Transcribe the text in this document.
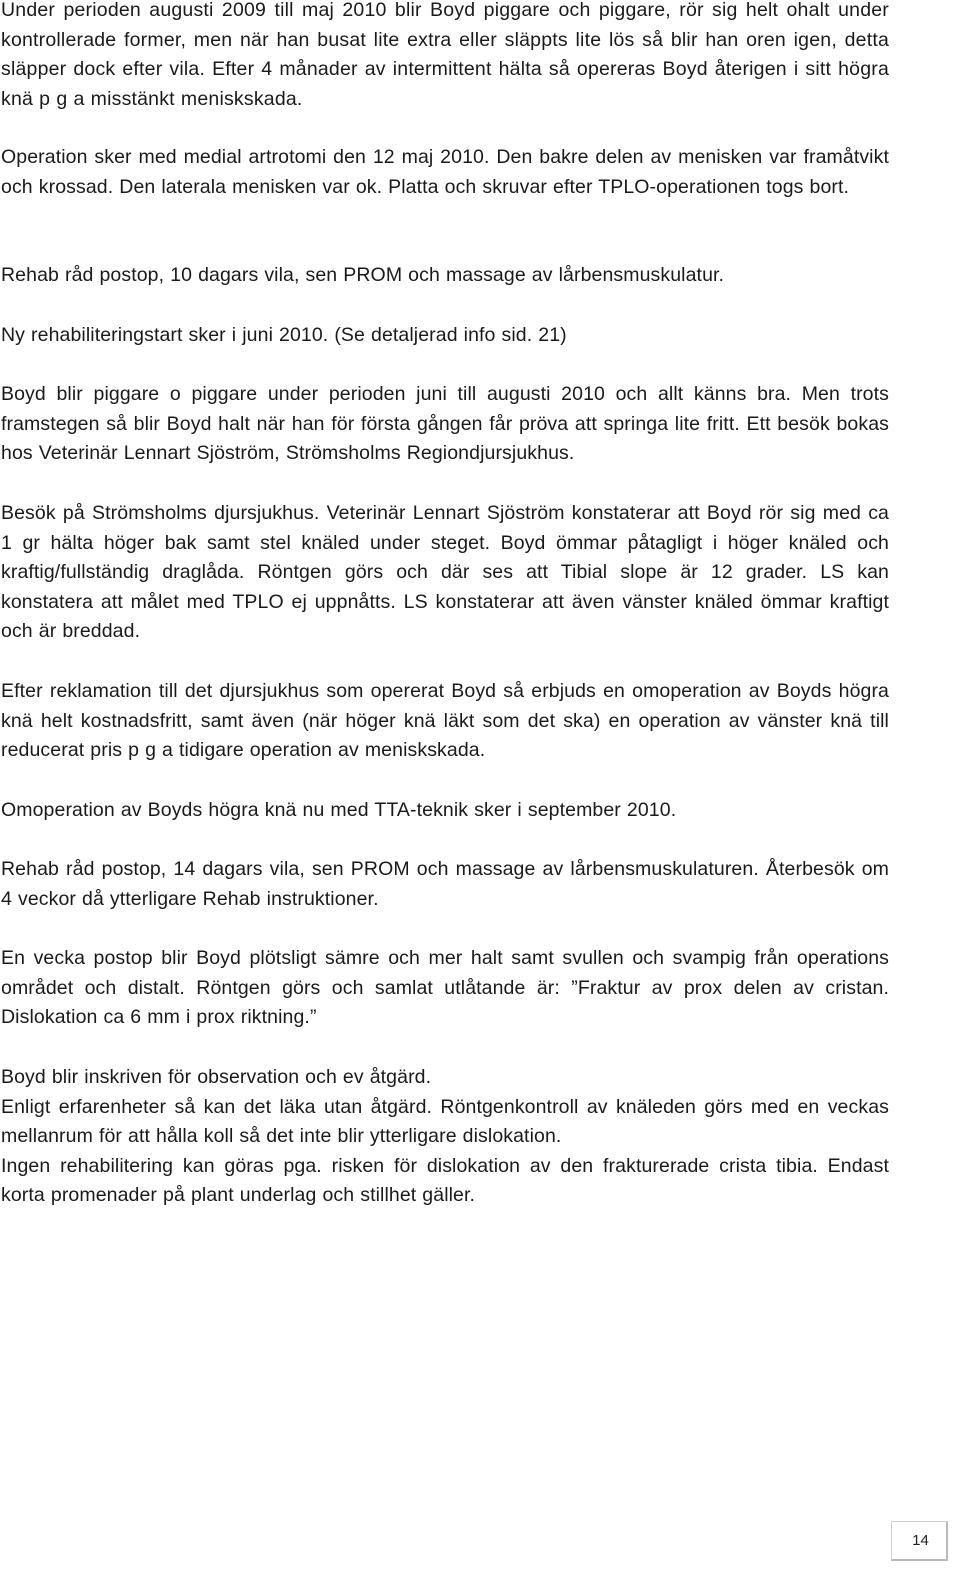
Under perioden augusti 2009 till maj 2010 blir Boyd piggare och piggare, rör sig helt ohalt under kontrollerade former, men när han busat lite extra eller släppts lite lös så blir han oren igen, detta släpper dock efter vila. Efter 4 månader av intermittent hälta så opereras Boyd återigen i sitt högra knä p g a misstänkt meniskskada.

Operation sker med medial artrotomi den 12 maj 2010. Den bakre delen av menisken var framåtvikt och krossad. Den laterala menisken var ok. Platta och skruvar efter TPLO-operationen togs bort.

Rehab råd postop, 10 dagars vila, sen PROM och massage av lårbensmuskulatur.

Ny rehabiliteringstart sker i juni 2010. (Se detaljerad info sid. 21)

Boyd blir piggare o piggare under perioden juni till augusti 2010 och allt känns bra. Men trots framstegen så blir Boyd halt när han för första gången får pröva att springa lite fritt. Ett besök bokas hos Veterinär Lennart Sjöström, Strömsholms Regiondjursjukhus.

Besök på Strömsholms djursjukhus. Veterinär Lennart Sjöström konstaterar att Boyd rör sig med ca 1 gr hälta höger bak samt stel knäled under steget. Boyd ömmar påtagligt i höger knäled och kraftig/fullständig draglåda. Röntgen görs och där ses att Tibial slope är 12 grader. LS kan konstatera att målet med TPLO ej uppnåtts. LS konstaterar att även vänster knäled ömmar kraftigt och är breddad.

Efter reklamation till det djursjukhus som opererat Boyd så erbjuds en omoperation av Boyds högra knä helt kostnadsfritt, samt även (när höger knä läkt som det ska) en operation av vänster knä till reducerat pris p g a tidigare operation av meniskskada.

Omoperation av Boyds högra knä nu med TTA-teknik sker i september 2010.

Rehab råd postop, 14 dagars vila, sen PROM och massage av lårbensmuskulaturen. Återbesök om 4 veckor då ytterligare Rehab instruktioner.

En vecka postop blir Boyd plötsligt sämre och mer halt samt svullen och svampig från operations området och distalt. Röntgen görs och samlat utlåtande är: ”Fraktur av prox delen av cristan. Dislokation ca 6 mm i prox riktning.”

Boyd blir inskriven för observation och ev åtgärd.
Enligt erfarenheter så kan det läka utan åtgärd. Röntgenkontroll av knäleden görs med en veckas mellanrum för att hålla koll så det inte blir ytterligare dislokation.
Ingen rehabilitering kan göras pga. risken för dislokation av den frakturerade crista tibia. Endast korta promenader på plant underlag och stillhet gäller.

14
